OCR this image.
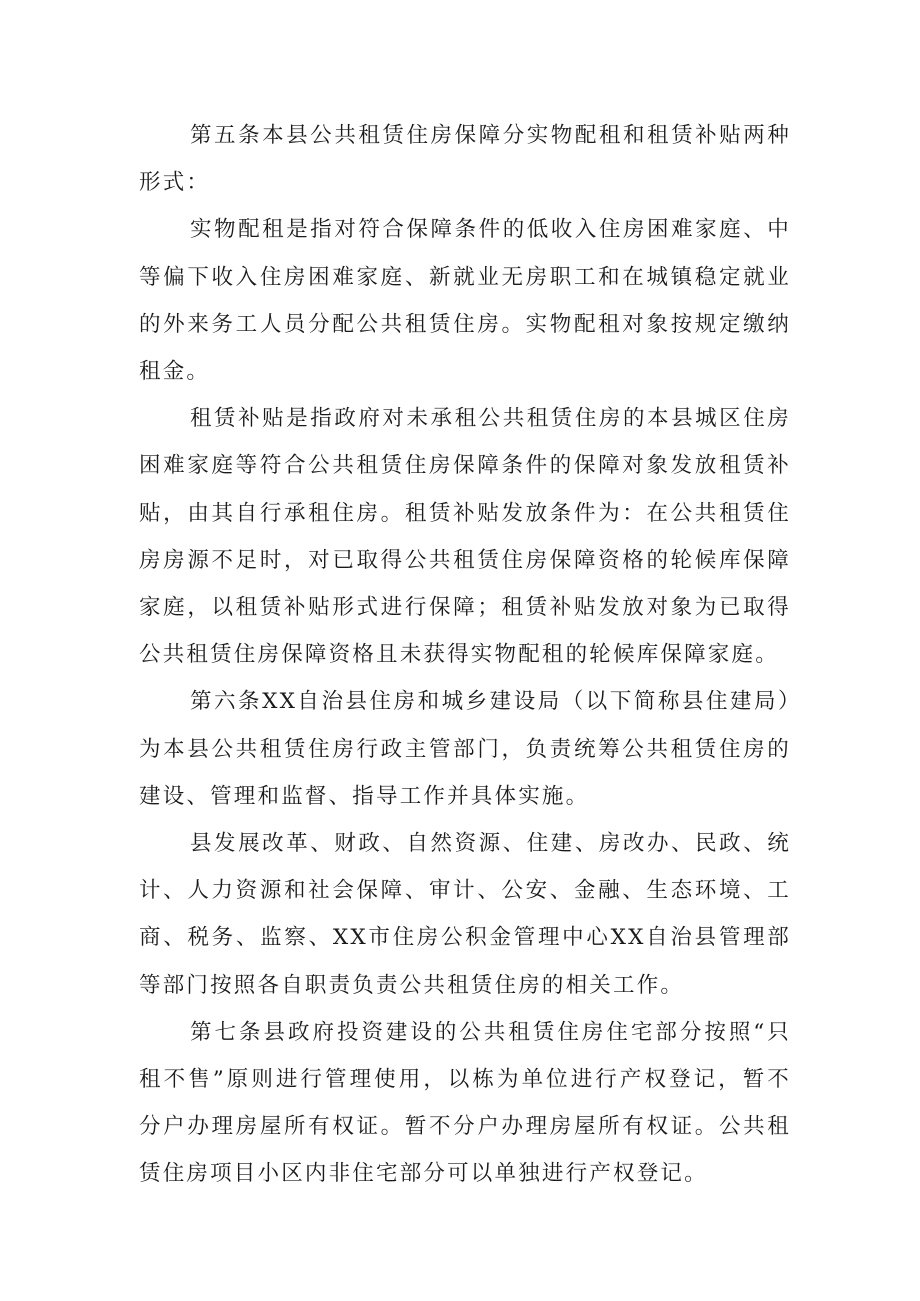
第五条本县公共租赁住房保障分实物配租和租赁补贴两种形式：

实物配租是指对符合保障条件的低收入住房困难家庭、中等偏下收入住房困难家庭、新就业无房职工和在城镇稳定就业的外来务工人员分配公共租赁住房。实物配租对象按规定缴纳租金。

租赁补贴是指政府对未承租公共租赁住房的本县城区住房困难家庭等符合公共租赁住房保障条件的保障对象发放租赁补贴，由其自行承租住房。租赁补贴发放条件为：在公共租赁住房房源不足时，对已取得公共租赁住房保障资格的轮候库保障家庭，以租赁补贴形式进行保障；租赁补贴发放对象为已取得公共租赁住房保障资格且未获得实物配租的轮候库保障家庭。

第六条XX自治县住房和城乡建设局（以下简称县住建局）为本县公共租赁住房行政主管部门，负责统筹公共租赁住房的建设、管理和监督、指导工作并具体实施。

县发展改革、财政、自然资源、住建、房改办、民政、统计、人力资源和社会保障、审计、公安、金融、生态环境、工商、税务、监察、XX市住房公积金管理中心XX自治县管理部等部门按照各自职责负责公共租赁住房的相关工作。

第七条县政府投资建设的公共租赁住房住宅部分按照“只租不售”原则进行管理使用，以栋为单位进行产权登记，暂不分户办理房屋所有权证。暂不分户办理房屋所有权证。公共租赁住房项目小区内非住宅部分可以单独进行产权登记。
